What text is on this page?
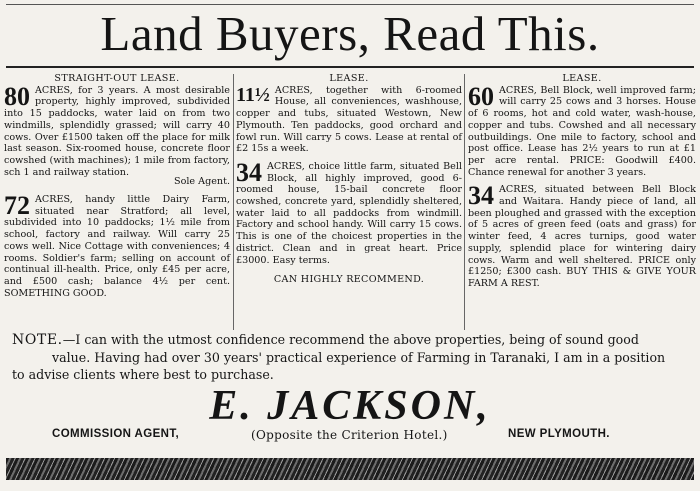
Land Buyers, Read This.
STRAIGHT-OUT LEASE.
80 ACRES, for 3 years. A most desirable property, highly improved, subdivided into 15 paddocks, water laid on from two windmills, splendidly grassed; will carry 40 cows. Over £1500 taken off the place for milk last season. Six-roomed house, concrete floor cowshed (with machines); 1 mile from factory, sch 1 and railway station.
Sole Agent.
72 ACRES, handy little Dairy Farm, situated near Stratford; all level, subdivided into 10 paddocks; 1½ mile from school, factory and railway. Will carry 25 cows well. Nice Cottage with conveniences; 4 rooms. Soldier's farm; selling on account of continual ill-health. Price, only £45 per acre, and £500 cash; balance 4½ per cent. SOMETHING GOOD.
LEASE.
11½ ACRES, together with 6-roomed House, all conveniences, washhouse, copper and tubs, situated Westown, New Plymouth. Ten paddocks, good orchard and fowl run. Will carry 5 cows. Lease at rental of £2 15s a week.
34 ACRES, choice little farm, situated Bell Block, all highly improved, good 6-roomed house, 15-bail concrete floor cowshed, concrete yard, splendidly sheltered, water laid to all paddocks from windmill. Factory and school handy. Will carry 15 cows. This is one of the choicest properties in the district. Clean and in great heart. Price £3000. Easy terms.
CAN HIGHLY RECOMMEND.
LEASE.
60 ACRES, Bell Block, well improved farm; will carry 25 cows and 3 horses. House of 6 rooms, hot and cold water, wash-house, copper and tubs. Cowshed and all necessary outbuildings. One mile to factory, school and post office. Lease has 2½ years to run at £1 per acre rental. PRICE: Goodwill £400. Chance renewal for another 3 years.
34 ACRES, situated between Bell Block and Waitara. Handy piece of land, all been ploughed and grassed with the exception of 5 acres of green feed (oats and grass) for winter feed, 4 acres turnips, good water supply, splendid place for wintering dairy cows. Warm and well sheltered. PRICE only £1250; £300 cash. BUY THIS & GIVE YOUR FARM A REST.
NOTE.—I can with the utmost confidence recommend the above properties, being of sound good
value. Having had over 30 years' practical experience of Farming in Taranaki, I am in a position
to advise clients where best to purchase.
E. JACKSON,
COMMISSION AGENT,	(Opposite the Criterion Hotel.)	NEW PLYMOUTH.
